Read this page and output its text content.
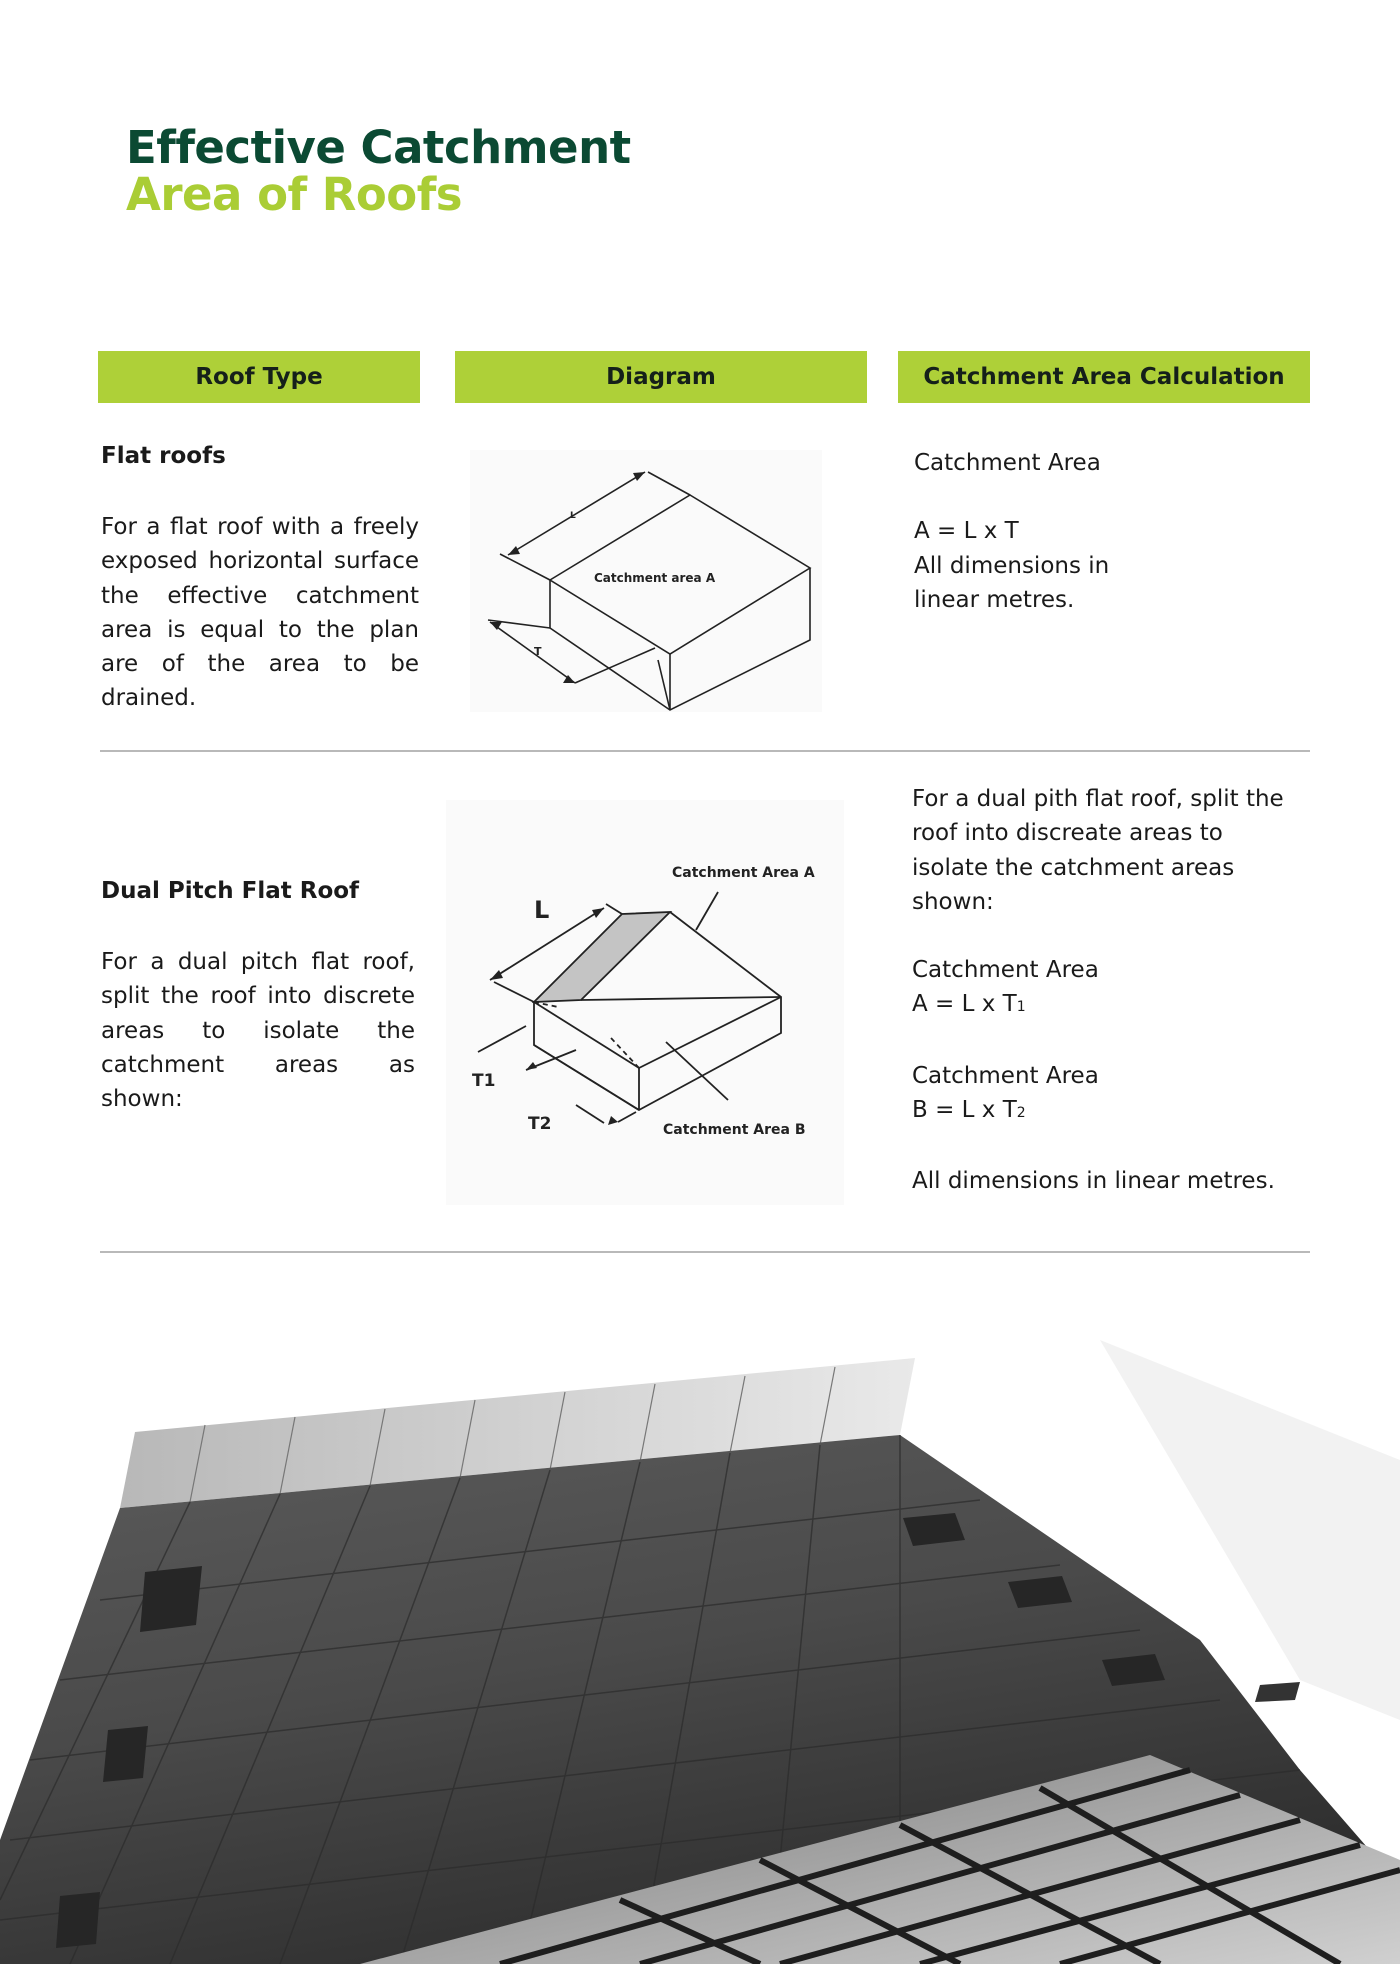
Effective Catchment
Area of Roofs
Roof Type	Diagram	Catchment Area Calculation
Flat roofs
For a flat roof with a freely exposed horizontal surface the effective catchment area is equal to the plan are of the area to be drained.
L
T
Catchment area A

Catchment Area

A = L x T

All dimensions in

linear metres.

Dual Pitch Flat Roof
For a dual pitch flat roof, split the roof into discrete areas to isolate the catchment areas as shown:
L
T1
T2
Catchment Area A
Catchment Area B

For a dual pith flat roof, split the roof into discreate areas to isolate the catchment areas shown:

Catchment Area

A = L x T1

Catchment Area

B = L x T2

All dimensions in linear metres.
